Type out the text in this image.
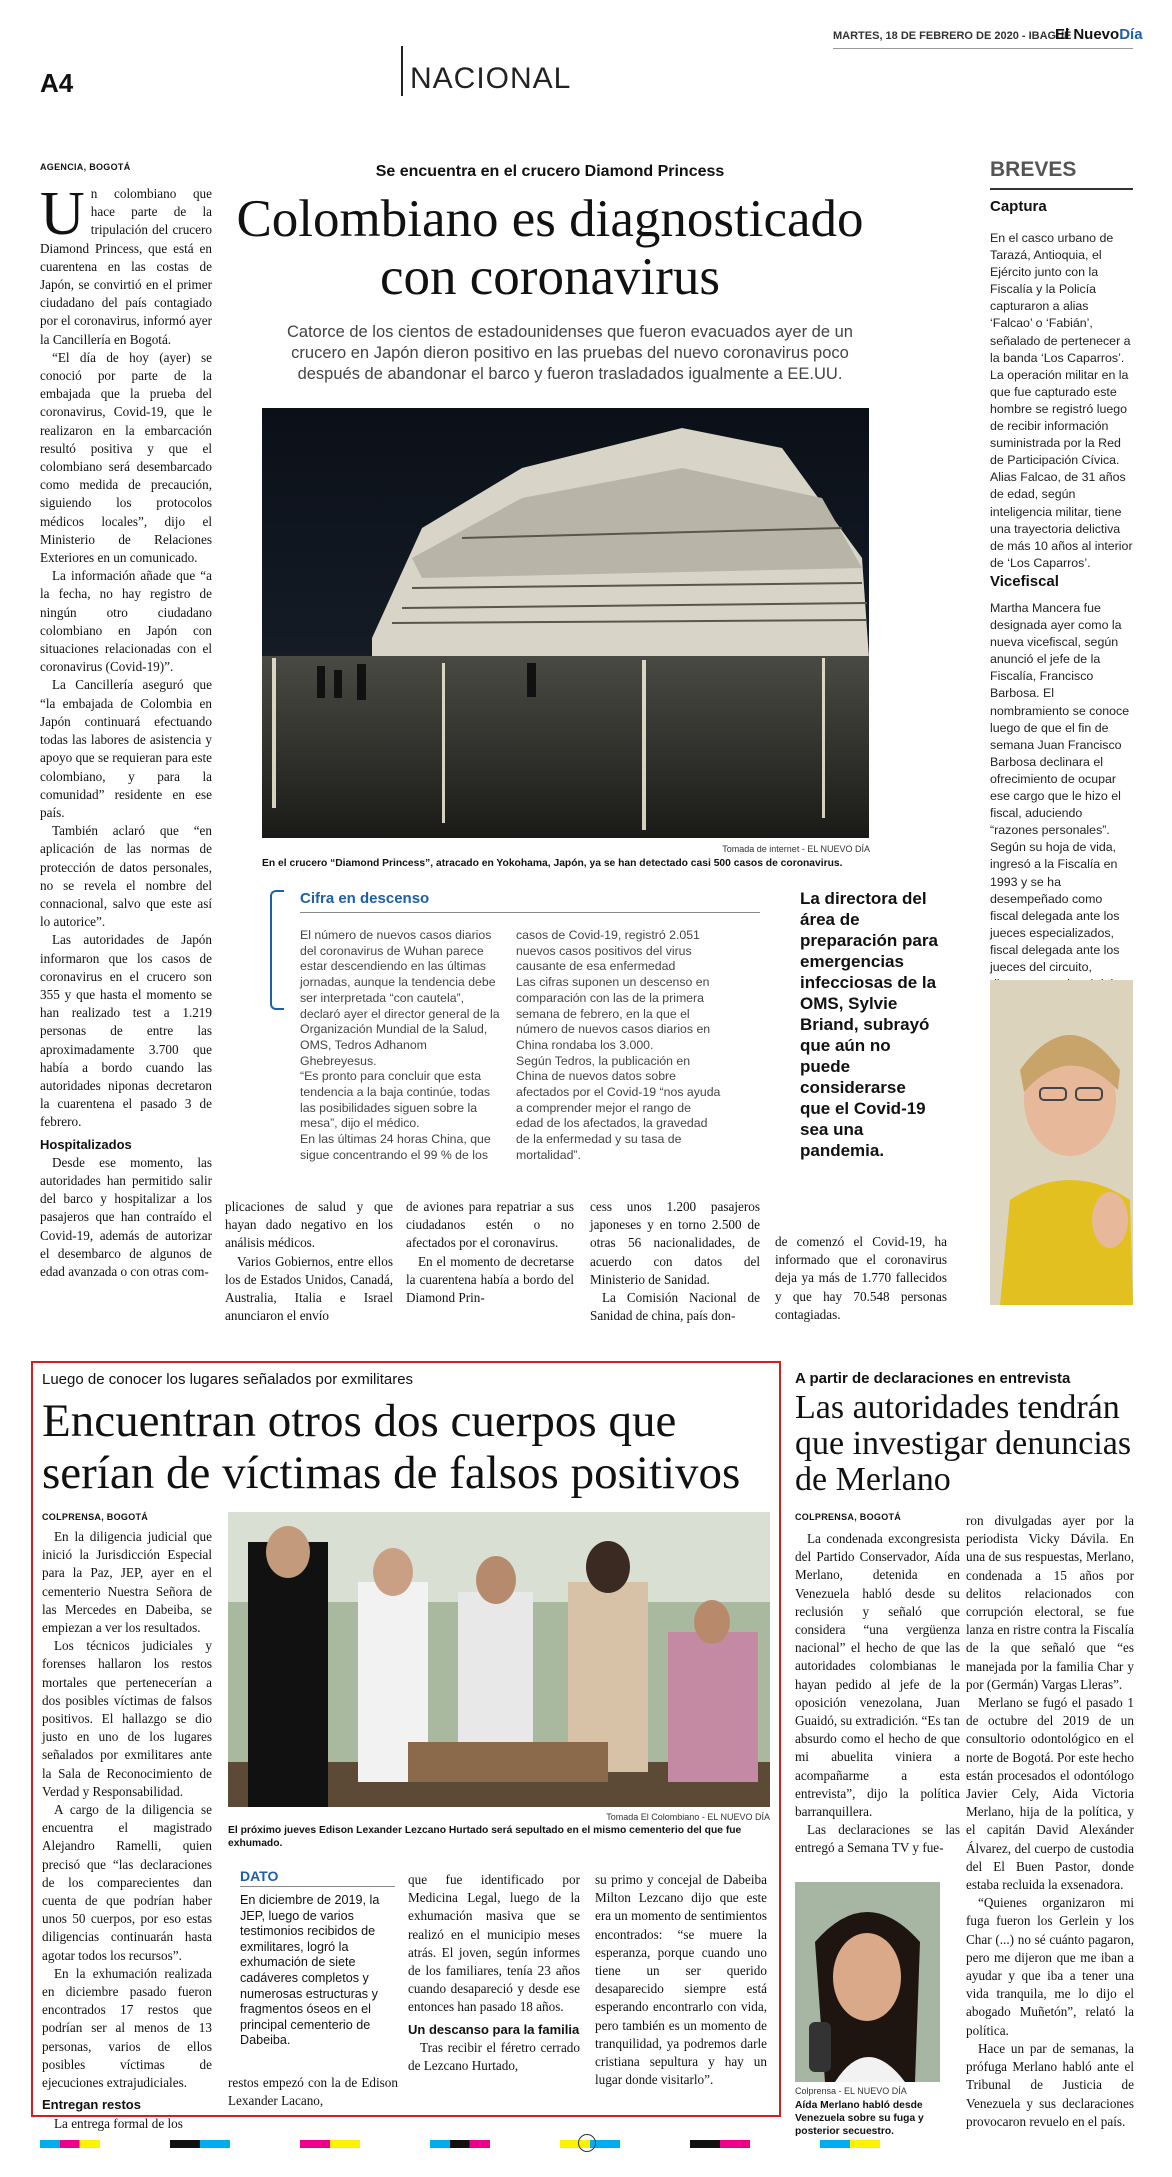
A4	NACIONAL
MARTES, 18 DE FEBRERO DE 2020 - IBAGUÉ
El NuevoDía
AGENCIA, BOGOTÁ
U n colombiano que hace parte de la tripulación del crucero Diamond Princess, que está en cuarentena en las costas de Japón, se convirtió en el primer ciudadano del país contagiado por el coronavirus, informó ayer la Cancillería en Bogotá.

“El día de hoy (ayer) se conoció por parte de la embajada que la prueba del coronavirus, Covid-19, que le realizaron en la embarcación resultó positiva y que el colombiano será desembarcado como medida de precaución, siguiendo los protocolos médicos locales”, dijo el Ministerio de Relaciones Exteriores en un comunicado.

La información añade que “a la fecha, no hay registro de ningún otro ciudadano colombiano en Japón con situaciones relacionadas con el coronavirus (Covid-19)”.

La Cancillería aseguró que “la embajada de Colombia en Japón continuará efectuando todas las labores de asistencia y apoyo que se requieran para este colombiano, y para la comunidad” residente en ese país.

También aclaró que “en aplicación de las normas de protección de datos personales, no se revela el nombre del connacional, salvo que este así lo autorice”.

Las autoridades de Japón informaron que los casos de coronavirus en el crucero son 355 y que hasta el momento se han realizado test a 1.219 personas de entre las aproximadamente 3.700 que había a bordo cuando las autoridades niponas decretaron la cuarentena el pasado 3 de febrero.

Hospitalizados

Desde ese momento, las autoridades han permitido salir del barco y hospitalizar a los pasajeros que han contraído el Covid-19, además de autorizar el desembarco de algunos de edad avanzada o con otras com-

Se encuentra en el crucero Diamond Princess
Colombiano es diagnosticado con coronavirus
Catorce de los cientos de estadounidenses que fueron evacuados ayer de un crucero en Japón dieron positivo en las pruebas del nuevo coronavirus poco después de abandonar el barco y fueron trasladados igualmente a EE.UU.
Tomada de internet - EL NUEVO DÍA
En el crucero “Diamond Princess”, atracado en Yokohama, Japón, ya se han detectado casi 500 casos de coronavirus.
Cifra en descenso
El número de nuevos casos diarios del coronavirus de Wuhan parece estar descendiendo en las últimas jornadas, aunque la tendencia debe ser interpretada “con cautela”, declaró ayer el director general de la Organización Mundial de la Salud, OMS, Tedros Adhanom Ghebreyesus.
“Es pronto para concluir que esta tendencia a la baja continúe, todas las posibilidades siguen sobre la mesa”, dijo el médico.
En las últimas 24 horas China, que sigue concentrando el 99 % de los
casos de Covid-19, registró 2.051 nuevos casos positivos del virus causante de esa enfermedad
Las cifras suponen un descenso en comparación con las de la primera semana de febrero, en la que el número de nuevos casos diarios en China rondaba los 3.000.
Según Tedros, la publicación en China de nuevos datos sobre afectados por el Covid-19 “nos ayuda a comprender mejor el rango de edad de los afectados, la gravedad de la enfermedad y su tasa de mortalidad”.
La directora del área de preparación para emergencias infecciosas de la OMS, Sylvie Briand, subrayó que aún no puede considerarse que el Covid-19 sea una pandemia.

plicaciones de salud y que hayan dado negativo en los análisis médicos.

Varios Gobiernos, entre ellos los de Estados Unidos, Canadá, Australia, Italia e Israel anunciaron el envío

de aviones para repatriar a sus ciudadanos estén o no afectados por el coronavirus.

En el momento de decretarse la cuarentena había a bordo del Diamond Prin-

cess unos 1.200 pasajeros japoneses y en torno 2.500 de otras 56 nacionalidades, de acuerdo con datos del Ministerio de Sanidad.

La Comisión Nacional de Sanidad de china, país don-

de comenzó el Covid-19, ha informado que el coronavirus deja ya más de 1.770 fallecidos y que hay 70.548 personas contagiadas.

BREVES
Captura
En el casco urbano de Tarazá, Antioquia, el Ejército junto con la Fiscalía y la Policía capturaron a alias ‘Falcao’ o ‘Fabián’, señalado de pertenecer a la banda ‘Los Caparros’. La operación militar en la que fue capturado este hombre se registró luego de recibir información suministrada por la Red de Participación Cívica. Alias Falcao, de 31 años de edad, según inteligencia militar, tiene una trayectoria delictiva de más 10 años al interior de ‘Los Caparros’.
Vicefiscal
Martha Mancera fue designada ayer como la nueva vicefiscal, según anunció el jefe de la Fiscalía, Francisco Barbosa. El nombramiento se conoce luego de que el fin de semana Juan Francisco Barbosa declinara el ofrecimiento de ocupar ese cargo que le hizo el fiscal, aduciendo “razones personales”. Según su hoja de vida, ingresó a la Fiscalía en 1993 y se ha desempeñado como fiscal delegada ante los jueces especializados, fiscal delegada ante los jueces del circuito,
Luego de conocer los lugares señalados por exmilitares
Encuentran otros dos cuerpos que serían de víctimas de falsos positivos
COLPRENSA, BOGOTÁ

En la diligencia judicial que inició la Jurisdicción Especial para la Paz, JEP, ayer en el cementerio Nuestra Señora de las Mercedes en Dabeiba, se empiezan a ver los resultados.

Los técnicos judiciales y forenses hallaron los restos mortales que pertenecerían a dos posibles víctimas de falsos positivos. El hallazgo se dio justo en uno de los lugares señalados por exmilitares ante la Sala de Reconocimiento de Verdad y Responsabilidad.

A cargo de la diligencia se encuentra el magistrado Alejandro Ramelli, quien precisó que “las declaraciones de los comparecientes dan cuenta de que podrían haber unos 50 cuerpos, por eso estas diligencias continuarán hasta agotar todos los recursos”.

En la exhumación realizada en diciembre pasado fueron encontrados 17 restos que podrían ser al menos de 13 personas, varios de ellos posibles víctimas de ejecuciones extrajudiciales.

Entregan restos

La entrega formal de los

Tomada El Colombiano - EL NUEVO DÍA
El próximo jueves Edison Lexander Lezcano Hurtado será sepultado en el mismo cementerio del que fue exhumado.
DATO
En diciembre de 2019, la JEP, luego de varios testimonios recibidos de exmilitares, logró la exhumación de siete cadáveres completos y numerosas estructuras y fragmentos óseos en el principal cementerio de Dabeiba.

restos empezó con la de Edison Lexander Lacano,

que fue identificado por Medicina Legal, luego de la exhumación masiva que se realizó en el municipio meses atrás. El joven, según informes de los familiares, tenía 23 años cuando desapareció y desde ese entonces han pasado 18 años.

Un descanso para la familia

Tras recibir el féretro cerrado de Lezcano Hurtado,

su primo y concejal de Dabeiba Milton Lezcano dijo que este era un momento de sentimientos encontrados: “se muere la esperanza, porque cuando uno tiene un ser querido desaparecido siempre está esperando encontrarlo con vida, pero también es un momento de tranquilidad, ya podremos darle cristiana sepultura y hay un lugar donde visitarlo”.

A partir de declaraciones en entrevista
Las autoridades tendrán que investigar denuncias de Merlano
COLPRENSA, BOGOTÁ

La condenada excongresista del Partido Conservador, Aída Merlano, detenida en Venezuela habló desde su reclusión y señaló que considera “una vergüenza nacional” el hecho de que las autoridades colombianas le hayan pedido al jefe de la oposición venezolana, Juan Guaidó, su extradición. “Es tan absurdo como el hecho de que mi abuelita viniera a acompañarme a esta entrevista”, dijo la política barranquillera.

Las declaraciones se las entregó a Semana TV y fue-

Colprensa - EL NUEVO DÍA
Aída Merlano habló desde Venezuela sobre su fuga y posterior secuestro.

ron divulgadas ayer por la periodista Vicky Dávila. En una de sus respuestas, Merlano, condenada a 15 años por delitos relacionados con corrupción electoral, se fue lanza en ristre contra la Fiscalía de la que señaló que “es manejada por la familia Char y por (Germán) Vargas Lleras”.

Merlano se fugó el pasado 1 de octubre del 2019 de un consultorio odontológico en el norte de Bogotá. Por este hecho están procesados el odontólogo Javier Cely, Aida Victoria Merlano, hija de la política, y el capitán David Alexánder Álvarez, del cuerpo de custodia del El Buen Pastor, donde estaba recluida la exsenadora.

“Quienes organizaron mi fuga fueron los Gerlein y los Char (...) no sé cuánto pagaron, pero me dijeron que me iban a ayudar y que iba a tener una vida tranquila, me lo dijo el abogado Muñetón”, relató la política.

Hace un par de semanas, la prófuga Merlano habló ante el Tribunal de Justicia de Venezuela y sus declaraciones provocaron revuelo en el país.
